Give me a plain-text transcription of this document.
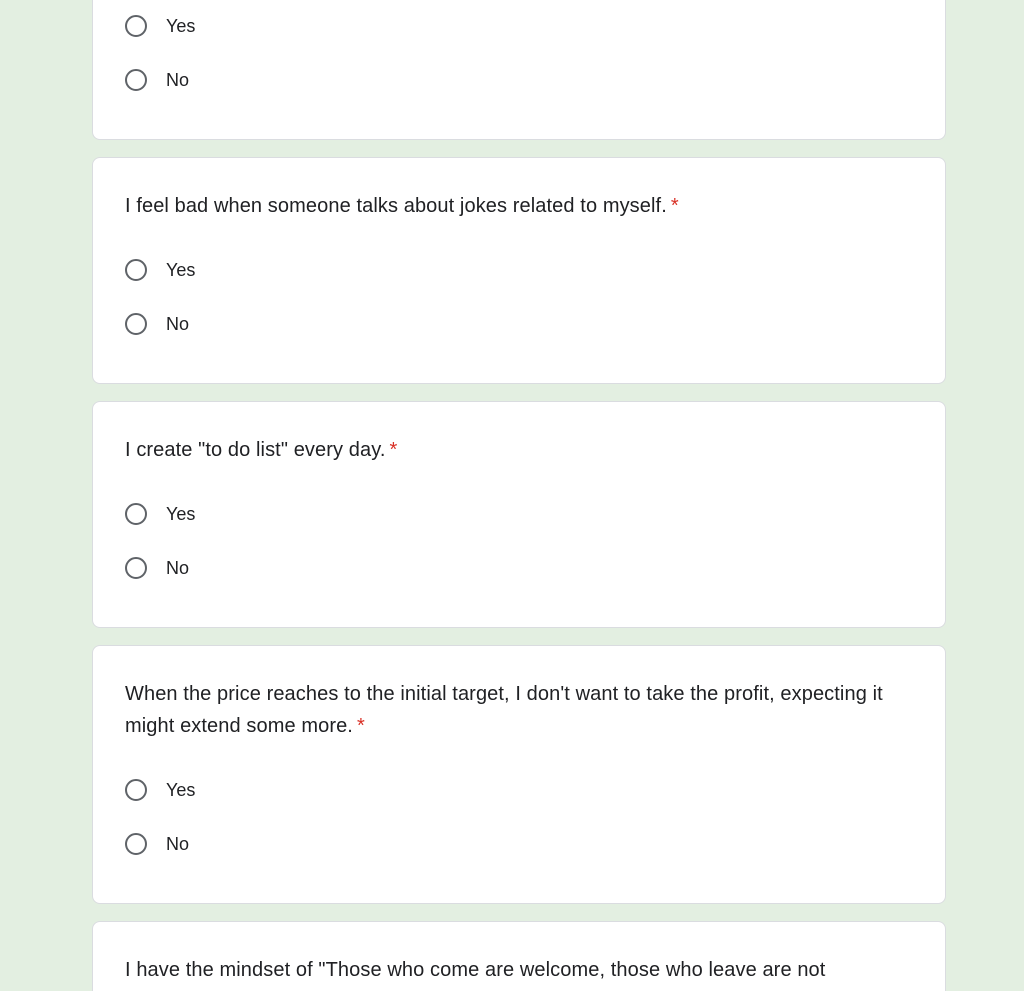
Yes
No
I feel bad when someone talks about jokes related to myself. *
Yes
No
I create "to do list" every day. *
Yes
No
When the price reaches to the initial target, I don't want to take the profit, expecting it might extend some more. *
Yes
No
I have the mindset of "Those who come are welcome, those who leave are not
